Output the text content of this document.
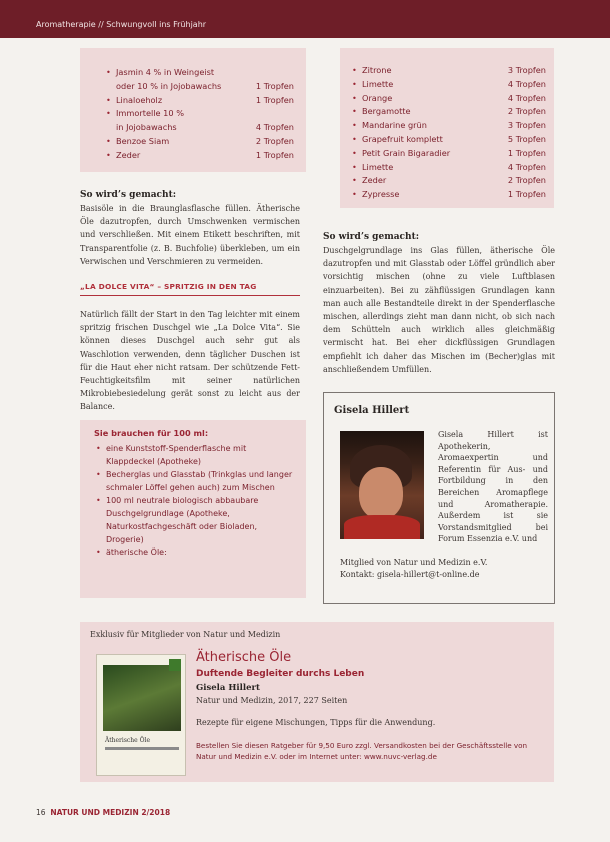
Aromatherapie // Schwungvoll ins Frühjahr
• Jasmin 4 % in Weingeist
oder 10 % in Jojobawachs	1 Tropfen
• Linaloeholz	1 Tropfen
• Immortelle 10 %
in Jojobawachs	4 Tropfen
• Benzoe Siam	2 Tropfen
• Zeder	1 Tropfen
• Zitrone	3 Tropfen
• Limette	4 Tropfen
• Orange	4 Tropfen
• Bergamotte	2 Tropfen
• Mandarine grün	3 Tropfen
• Grapefruit komplett	5 Tropfen
• Petit Grain Bigaradier	1 Tropfen
• Limette	4 Tropfen
• Zeder	2 Tropfen
• Zypresse	1 Tropfen
So wird’s gemacht:
Basisöle in die Braunglasflasche füllen. Ätherische Öle dazutropfen, durch Umschwenken vermischen und verschließen. Mit einem Etikett beschriften, mit Transparentfolie (z. B. Buchfolie) überkleben, um ein Verwischen und Verschmieren zu vermeiden.
„LA DOLCE VITA“ – SPRITZIG IN DEN TAG
Natürlich fällt der Start in den Tag leichter mit einem spritzig frischen Duschgel wie „La Dolce Vita“. Sie können dieses Duschgel auch sehr gut als Waschlotion verwenden, denn täglicher Duschen ist für die Haut eher nicht ratsam. Der schützende Fett-Feuchtigkeitsfilm mit seiner natürlichen Mikrobiebesiedelung gerät sonst zu leicht aus der Balance.
Sie brauchen für 100 ml:
• eine Kunststoff-Spenderflasche mit Klappdeckel (Apotheke)
• Becherglas und Glasstab (Trinkglas und langer schmaler Löffel gehen auch) zum Mischen
• 100 ml neutrale biologisch abbaubare Duschgelgrundlage (Apotheke, Naturkostfachgeschäft oder Bioladen, Drogerie)
• ätherische Öle:
So wird’s gemacht:
Duschgelgrundlage ins Glas füllen, ätherische Öle dazutropfen und mit Glasstab oder Löffel gründlich aber vorsichtig mischen (ohne zu viele Luftblasen einzuarbeiten). Bei zu zähflüssigen Grundlagen kann man auch alle Bestandteile direkt in der Spenderflasche mischen, allerdings zieht man dann nicht, ob sich nach dem Schütteln auch wirklich alles gleichmäßig vermischt hat. Bei eher dickflüssigen Grundlagen empfiehlt ich daher das Mischen im (Becher)glas mit anschließendem Umfüllen.
Gisela Hillert
Gisela Hillert ist Apothekerin, Aromaexpertin und Referentin für Aus- und Fortbildung in den Bereichen Aromapflege und Aromatherapie. Außerdem ist sie Vorstandsmitglied bei Forum Essenzia e.V. und
Mitglied von Natur und Medizin e.V.
Kontakt: gisela-hillert@t-online.de
Exklusiv für Mitglieder von Natur und Medizin
Ätherische Öle
Ätherische Öle
Duftende Begleiter durchs Leben
Gisela Hillert
Natur und Medizin, 2017, 227 Seiten
Rezepte für eigene Mischungen, Tipps für die Anwendung.
Bestellen Sie diesen Ratgeber für 9,50 Euro zzgl. Versandkosten bei der Geschäftsstelle von Natur und Medizin e.V. oder im Internet unter: www.nuvc-verlag.de
16 NATUR UND MEDIZIN 2/2018
